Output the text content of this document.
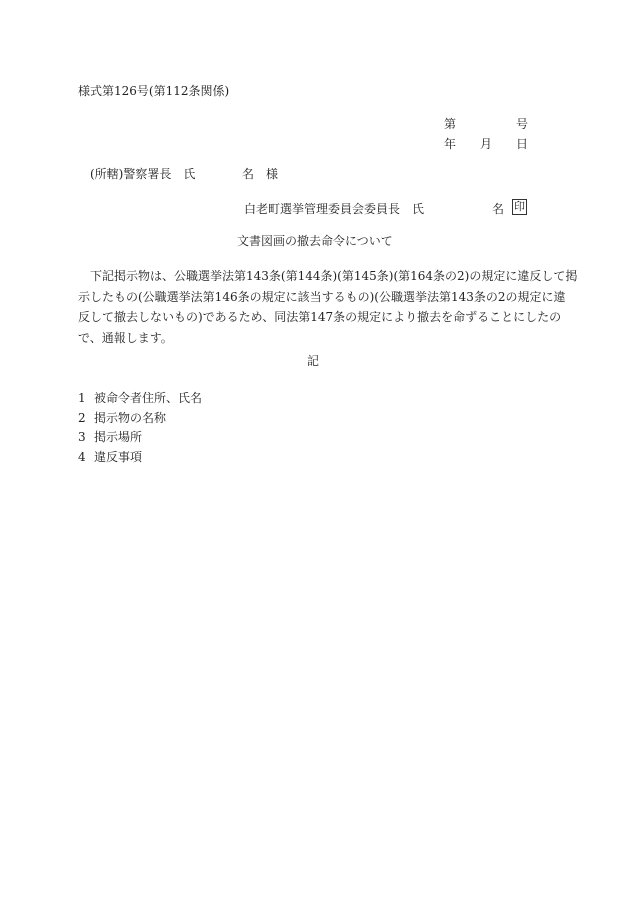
様式第126号(第112条関係)
第	号
年 月 日
(所轄)警察署長　氏	名　様
白老町選挙管理委員会委員長　氏	名 印
文書図画の撤去命令について
　下記掲示物は、公職選挙法第143条(第144条)(第145条)(第164条の2)の規定に違反して掲
示したもの(公職選挙法第146条の規定に該当するもの)(公職選挙法第143条の2の規定に違
反して撤去しないもの)であるため、同法第147条の規定により撤去を命ずることにしたの
で、通報します。
記
1 被命令者住所、氏名
2 掲示物の名称
3 掲示場所
4 違反事項
